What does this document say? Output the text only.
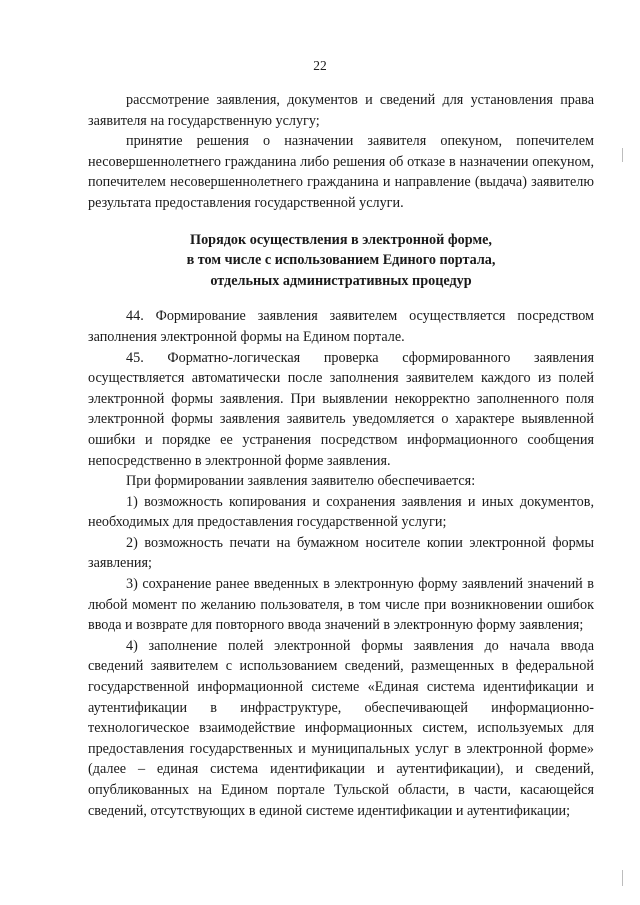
22

рассмотрение заявления, документов и сведений для установления права заявителя на государственную услугу;

принятие решения о назначении заявителя опекуном, попечителем несовершеннолетнего гражданина либо решения об отказе в назначении опекуном, попечителем несовершеннолетнего гражданина и направление (выдача) заявителю результата предоставления государственной услуги.

Порядок осуществления в электронной форме,
в том числе с использованием Единого портала,
отдельных административных процедур

44. Формирование заявления заявителем осуществляется посредством заполнения электронной формы на Едином портале.

45. Форматно-логическая проверка сформированного заявления осуществляется автоматически после заполнения заявителем каждого из полей электронной формы заявления. При выявлении некорректно заполненного поля электронной формы заявления заявитель уведомляется о характере выявленной ошибки и порядке ее устранения посредством информационного сообщения непосредственно в электронной форме заявления.

При формировании заявления заявителю обеспечивается:

1) возможность копирования и сохранения заявления и иных документов, необходимых для предоставления государственной услуги;

2) возможность печати на бумажном носителе копии электронной формы заявления;

3) сохранение ранее введенных в электронную форму заявлений значений в любой момент по желанию пользователя, в том числе при возникновении ошибок ввода и возврате для повторного ввода значений в электронную форму заявления;

4) заполнение полей электронной формы заявления до начала ввода сведений заявителем с использованием сведений, размещенных в федеральной государственной информационной системе «Единая система идентификации и аутентификации в инфраструктуре, обеспечивающей информационно-технологическое взаимодействие информационных систем, используемых для предоставления государственных и муниципальных услуг в электронной форме» (далее – единая система идентификации и аутентификации), и сведений, опубликованных на Едином портале Тульской области, в части, касающейся сведений, отсутствующих в единой системе идентификации и аутентификации;
